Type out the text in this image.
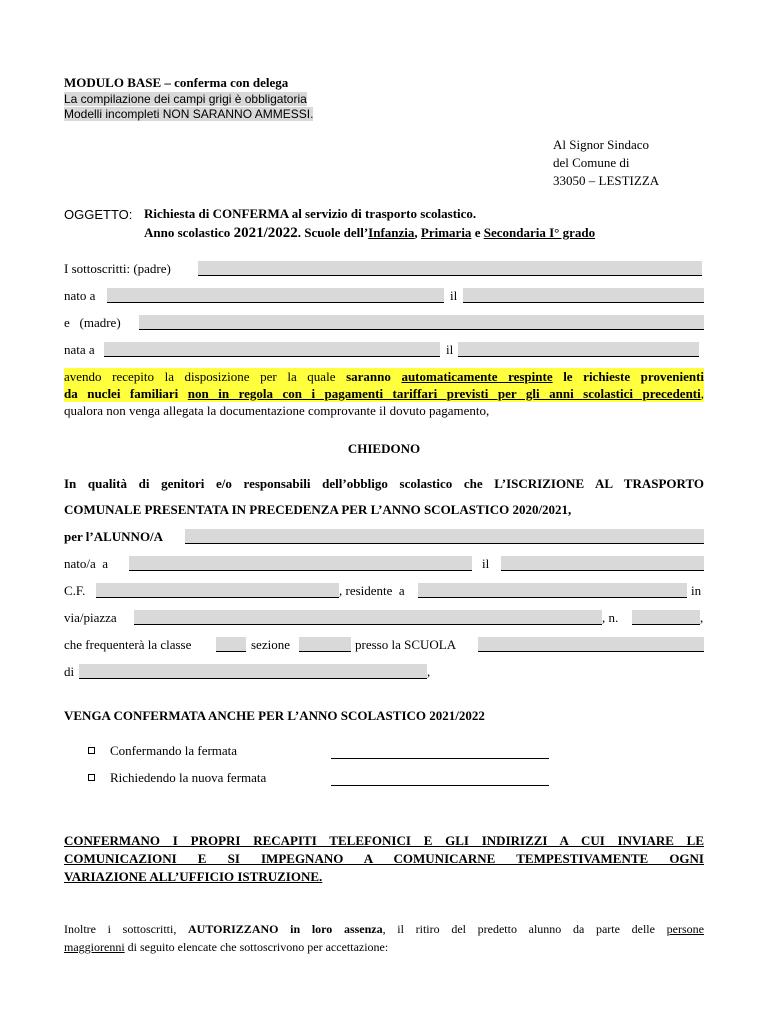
MODULO BASE – conferma con delega
La compilazione dei campi grigi è obbligatoria
Modelli incompleti NON SARANNO AMMESSI.
Al Signor Sindaco
del Comune di
33050 – LESTIZZA
OGGETTO: Richiesta di CONFERMA al servizio di trasporto scolastico.
Anno scolastico 2021/2022. Scuole dell’Infanzia, Primaria e Secondaria I° grado
I sottoscritti: (padre)
nato a	il
e   (madre)
nata a	il
avendo recepito la disposizione per la quale saranno automaticamente respinte le richieste provenienti
da nuclei familiari non in regola con i pagamenti tariffari previsti per gli anni scolastici precedenti,
qualora non venga allegata la documentazione comprovante il dovuto pagamento,
CHIEDONO
In qualità di genitori e/o responsabili dell’obbligo scolastico che L’ISCRIZIONE AL TRASPORTO
COMUNALE PRESENTATA IN PRECEDENZA PER L’ANNO SCOLASTICO 2020/2021,
per l’ALUNNO/A
nato/a  a	il
C.F.	, residente  a	in
via/piazza	, n.	,
che frequenterà la classe	sezione	presso la SCUOLA
di	,
VENGA CONFERMATA ANCHE PER L’ANNO SCOLASTICO 2021/2022
Confermando la fermata
Richiedendo la nuova fermata
CONFERMANO I PROPRI RECAPITI TELEFONICI E GLI INDIRIZZI A CUI INVIARE LE
COMUNICAZIONI E SI IMPEGNANO A COMUNICARNE TEMPESTIVAMENTE OGNI
VARIAZIONE ALL’UFFICIO ISTRUZIONE.
Inoltre i sottoscritti, AUTORIZZANO in loro assenza, il ritiro del predetto alunno da parte delle persone
maggiorenni di seguito elencate che sottoscrivono per accettazione:
